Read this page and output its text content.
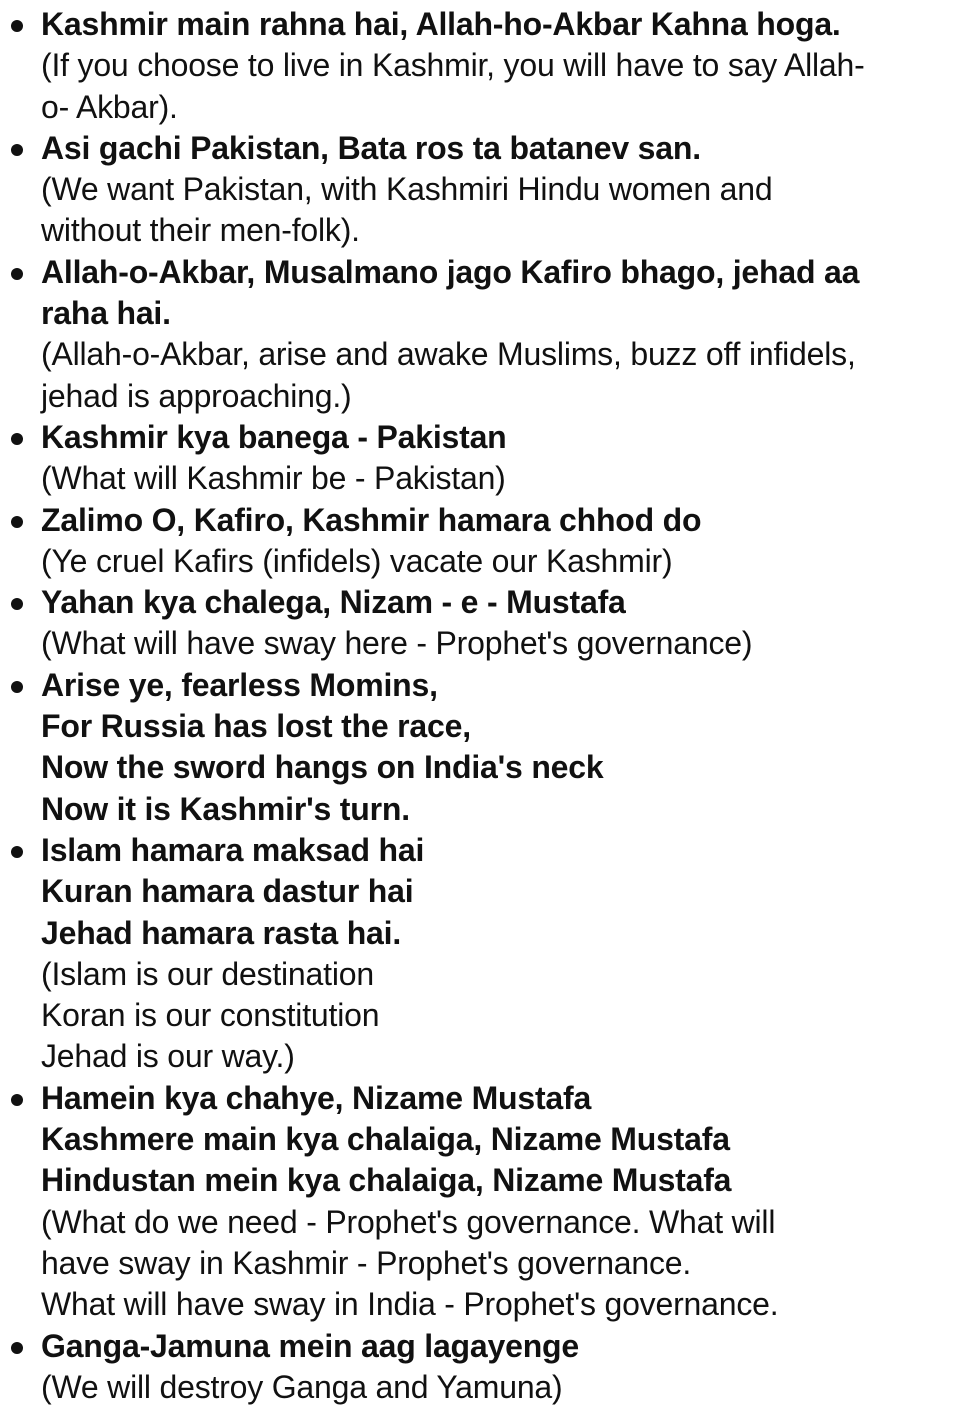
Kashmir main rahna hai, Allah-ho-Akbar Kahna hoga.
(If you choose to live in Kashmir, you will have to say Allah-
o- Akbar).
Asi gachi Pakistan, Bata ros ta batanev san.
(We want Pakistan, with Kashmiri Hindu women and
without their men-folk).
Allah-o-Akbar, Musalmano jago Kafiro bhago, jehad aa
raha hai.
(Allah-o-Akbar, arise and awake Muslims, buzz off infidels,
jehad is approaching.)
Kashmir kya banega - Pakistan
(What will Kashmir be - Pakistan)
Zalimo O, Kafiro, Kashmir hamara chhod do
(Ye cruel Kafirs (infidels) vacate our Kashmir)
Yahan kya chalega, Nizam - e - Mustafa
(What will have sway here - Prophet's governance)
Arise ye, fearless Momins,
For Russia has lost the race,
Now the sword hangs on India's neck
Now it is Kashmir's turn.
Islam hamara maksad hai
Kuran hamara dastur hai
Jehad hamara rasta hai.
(Islam is our destination
Koran is our constitution
Jehad is our way.)
Hamein kya chahye, Nizame Mustafa
Kashmere main kya chalaiga, Nizame Mustafa
Hindustan mein kya chalaiga, Nizame Mustafa
(What do we need - Prophet's governance. What will
have sway in Kashmir - Prophet's governance.
What will have sway in India - Prophet's governance.
Ganga-Jamuna mein aag lagayenge
(We will destroy Ganga and Yamuna)
